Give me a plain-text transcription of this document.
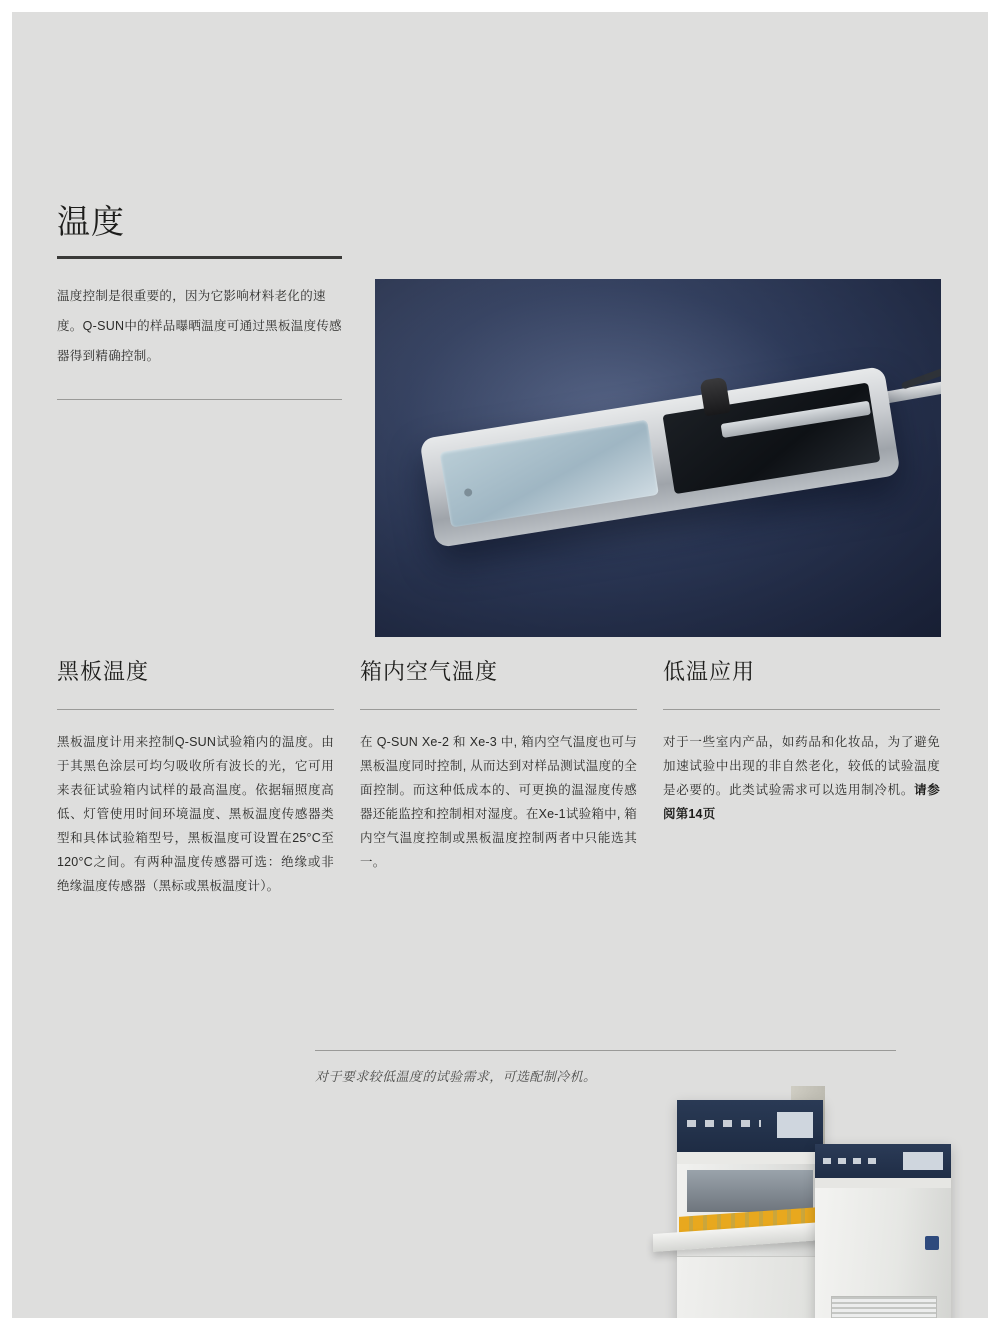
温度
温度控制是很重要的，因为它影响材料老化的速度。Q-SUN中的样品曝晒温度可通过黑板温度传感器得到精确控制。
黑板温度

黑板温度计用来控制Q-SUN试验箱内的温度。由于其黑色涂层可均匀吸收所有波长的光，它可用来表征试验箱内试样的最高温度。依据辐照度高低、灯管使用时间环境温度、黑板温度传感器类型和具体试验箱型号，黑板温度可设置在25°C至120°C之间。有两种温度传感器可选：绝缘或非绝缘温度传感器（黑标或黑板温度计）。

箱内空气温度

在 Q-SUN Xe-2 和 Xe-3 中, 箱内空气温度也可与黑板温度同时控制, 从而达到对样品测试温度的全面控制。而这种低成本的、可更换的温湿度传感器还能监控和控制相对湿度。在Xe-1试验箱中, 箱内空气温度控制或黑板温度控制两者中只能选其一。

低温应用

对于一些室内产品，如药品和化妆品，为了避免加速试验中出现的非自然老化，较低的试验温度是必要的。此类试验需求可以选用制冷机。请参阅第14页

对于要求较低温度的试验需求，可选配制冷机。
